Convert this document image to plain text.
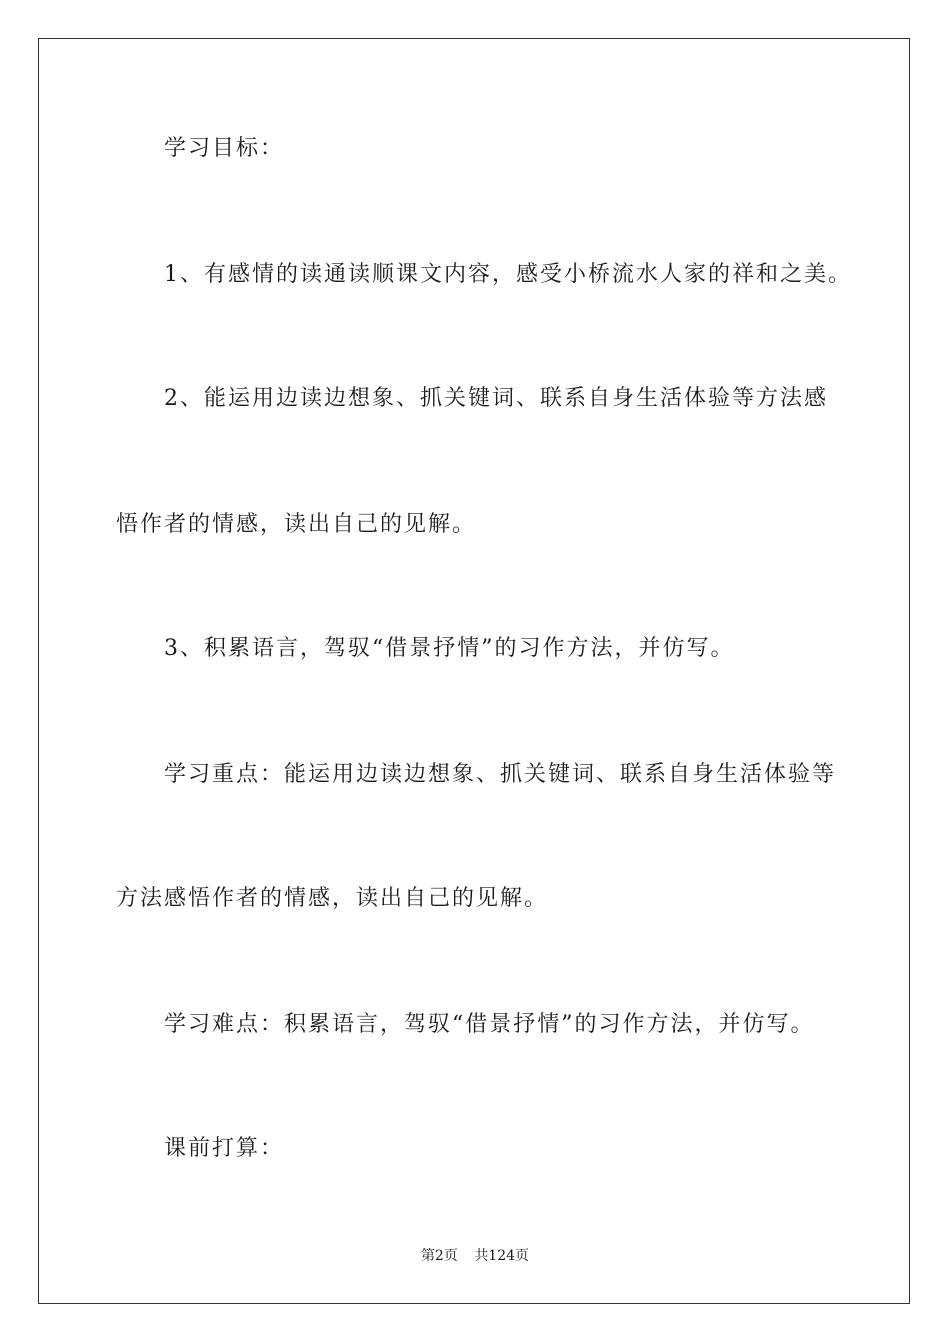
学习目标：
1、有感情的读通读顺课文内容，感受小桥流水人家的祥和之美。
2、能运用边读边想象、抓关键词、联系自身生活体验等方法感
悟作者的情感，读出自己的见解。
3、积累语言，驾驭“借景抒情”的习作方法，并仿写。
学习重点：能运用边读边想象、抓关键词、联系自身生活体验等
方法感悟作者的情感，读出自己的见解。
学习难点：积累语言，驾驭“借景抒情”的习作方法，并仿写。
课前打算：
第2页 共124页
